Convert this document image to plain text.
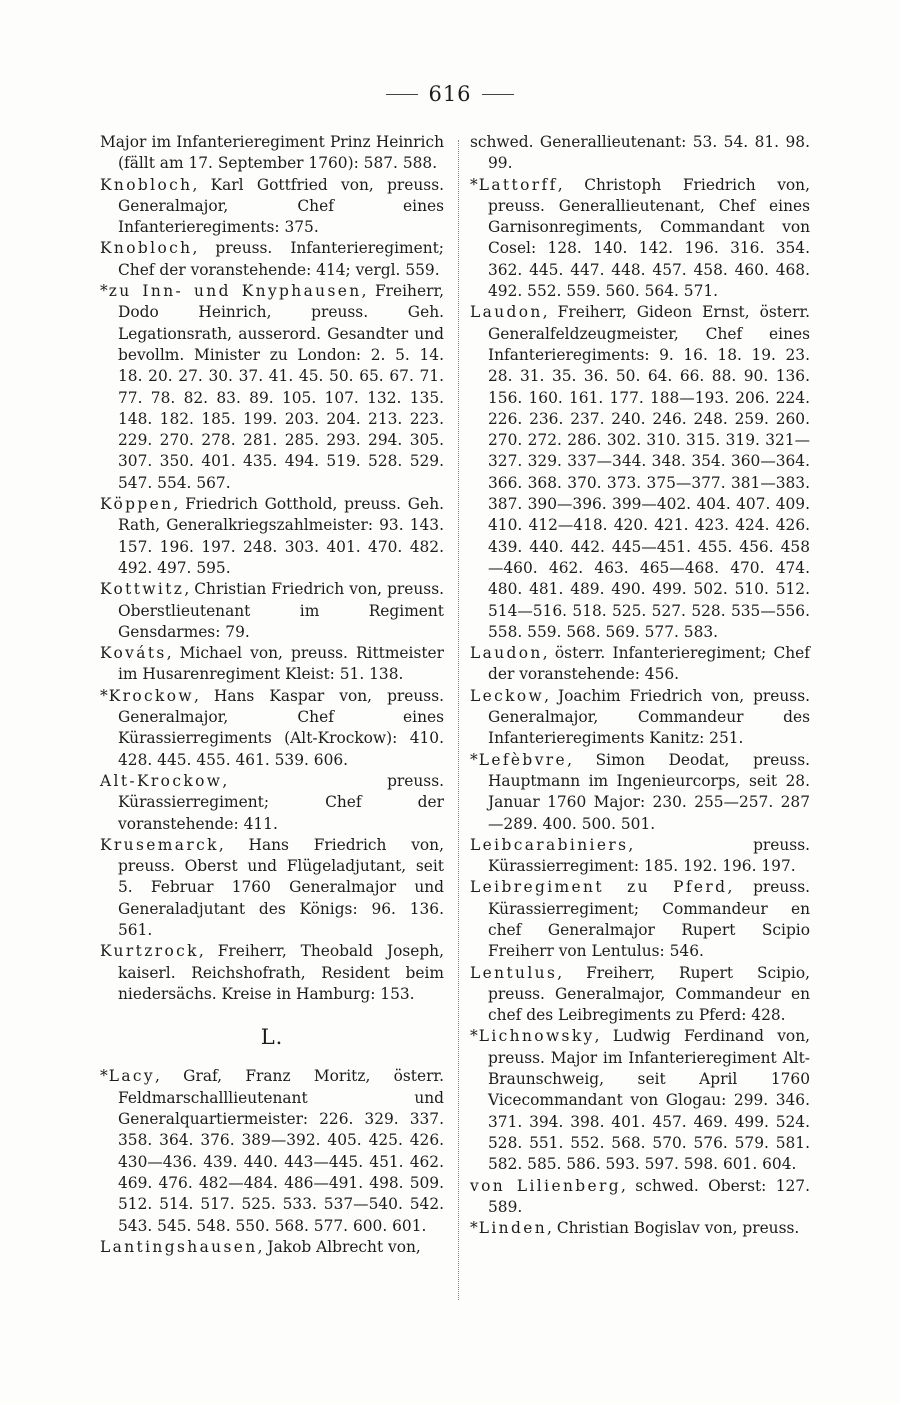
616
Major im Infanterieregiment Prinz Heinrich (fällt am 17. September 1760): 587. 588.
Knobloch, Karl Gottfried von, preuss. Generalmajor, Chef eines Infanterieregiments: 375.
Knobloch, preuss. Infanterieregiment; Chef der voranstehende: 414; vergl. 559.
*zu Inn- und Knyphausen, Freiherr, Dodo Heinrich, preuss. Geh. Legationsrath, ausserord. Gesandter und bevollm. Minister zu London: 2. 5. 14. 18. 20. 27. 30. 37. 41. 45. 50. 65. 67. 71. 77. 78. 82. 83. 89. 105. 107. 132. 135. 148. 182. 185. 199. 203. 204. 213. 223. 229. 270. 278. 281. 285. 293. 294. 305. 307. 350. 401. 435. 494. 519. 528. 529. 547. 554. 567.
Köppen, Friedrich Gotthold, preuss. Geh. Rath, Generalkriegszahlmeister: 93. 143. 157. 196. 197. 248. 303. 401. 470. 482. 492. 497. 595.
Kottwitz, Christian Friedrich von, preuss. Oberstlieutenant im Regiment Gensdarmes: 79.
Kováts, Michael von, preuss. Rittmeister im Husarenregiment Kleist: 51. 138.
*Krockow, Hans Kaspar von, preuss. Generalmajor, Chef eines Kürassierregiments (Alt-Krockow): 410. 428. 445. 455. 461. 539. 606.
Alt-Krockow, preuss. Kürassierregiment; Chef der voranstehende: 411.
Krusemarck, Hans Friedrich von, preuss. Oberst und Flügeladjutant, seit 5. Februar 1760 Generalmajor und Generaladjutant des Königs: 96. 136. 561.
Kurtzrock, Freiherr, Theobald Joseph, kaiserl. Reichshofrath, Resident beim niedersächs. Kreise in Hamburg: 153.
L.
*Lacy, Graf, Franz Moritz, österr. Feldmarschalllieutenant und Generalquartiermeister: 226. 329. 337. 358. 364. 376. 389—392. 405. 425. 426. 430—436. 439. 440. 443—445. 451. 462. 469. 476. 482—484. 486—491. 498. 509. 512. 514. 517. 525. 533. 537—540. 542. 543. 545. 548. 550. 568. 577. 600. 601.
Lantingshausen, Jakob Albrecht von,
schwed. Generallieutenant: 53. 54. 81. 98. 99.
*Lattorff, Christoph Friedrich von, preuss. Generallieutenant, Chef eines Garnisonregiments, Commandant von Cosel: 128. 140. 142. 196. 316. 354. 362. 445. 447. 448. 457. 458. 460. 468. 492. 552. 559. 560. 564. 571.
Laudon, Freiherr, Gideon Ernst, österr. Generalfeldzeugmeister, Chef eines Infanterieregiments: 9. 16. 18. 19. 23. 28. 31. 35. 36. 50. 64. 66. 88. 90. 136. 156. 160. 161. 177. 188—193. 206. 224. 226. 236. 237. 240. 246. 248. 259. 260. 270. 272. 286. 302. 310. 315. 319. 321—327. 329. 337—344. 348. 354. 360—364. 366. 368. 370. 373. 375—377. 381—383. 387. 390—396. 399—402. 404. 407. 409. 410. 412—418. 420. 421. 423. 424. 426. 439. 440. 442. 445—451. 455. 456. 458—460. 462. 463. 465—468. 470. 474. 480. 481. 489. 490. 499. 502. 510. 512. 514—516. 518. 525. 527. 528. 535—556. 558. 559. 568. 569. 577. 583.
Laudon, österr. Infanterieregiment; Chef der voranstehende: 456.
Leckow, Joachim Friedrich von, preuss. Generalmajor, Commandeur des Infanterieregiments Kanitz: 251.
*Lefèbvre, Simon Deodat, preuss. Hauptmann im Ingenieurcorps, seit 28. Januar 1760 Major: 230. 255—257. 287—289. 400. 500. 501.
Leibcarabiniers, preuss. Kürassierregiment: 185. 192. 196. 197.
Leibregiment zu Pferd, preuss. Kürassierregiment; Commandeur en chef Generalmajor Rupert Scipio Freiherr von Lentulus: 546.
Lentulus, Freiherr, Rupert Scipio, preuss. Generalmajor, Commandeur en chef des Leibregiments zu Pferd: 428.
*Lichnowsky, Ludwig Ferdinand von, preuss. Major im Infanterieregiment Alt-Braunschweig, seit April 1760 Vicecommandant von Glogau: 299. 346. 371. 394. 398. 401. 457. 469. 499. 524. 528. 551. 552. 568. 570. 576. 579. 581. 582. 585. 586. 593. 597. 598. 601. 604.
von Lilienberg, schwed. Oberst: 127. 589.
*Linden, Christian Bogislav von, preuss.
